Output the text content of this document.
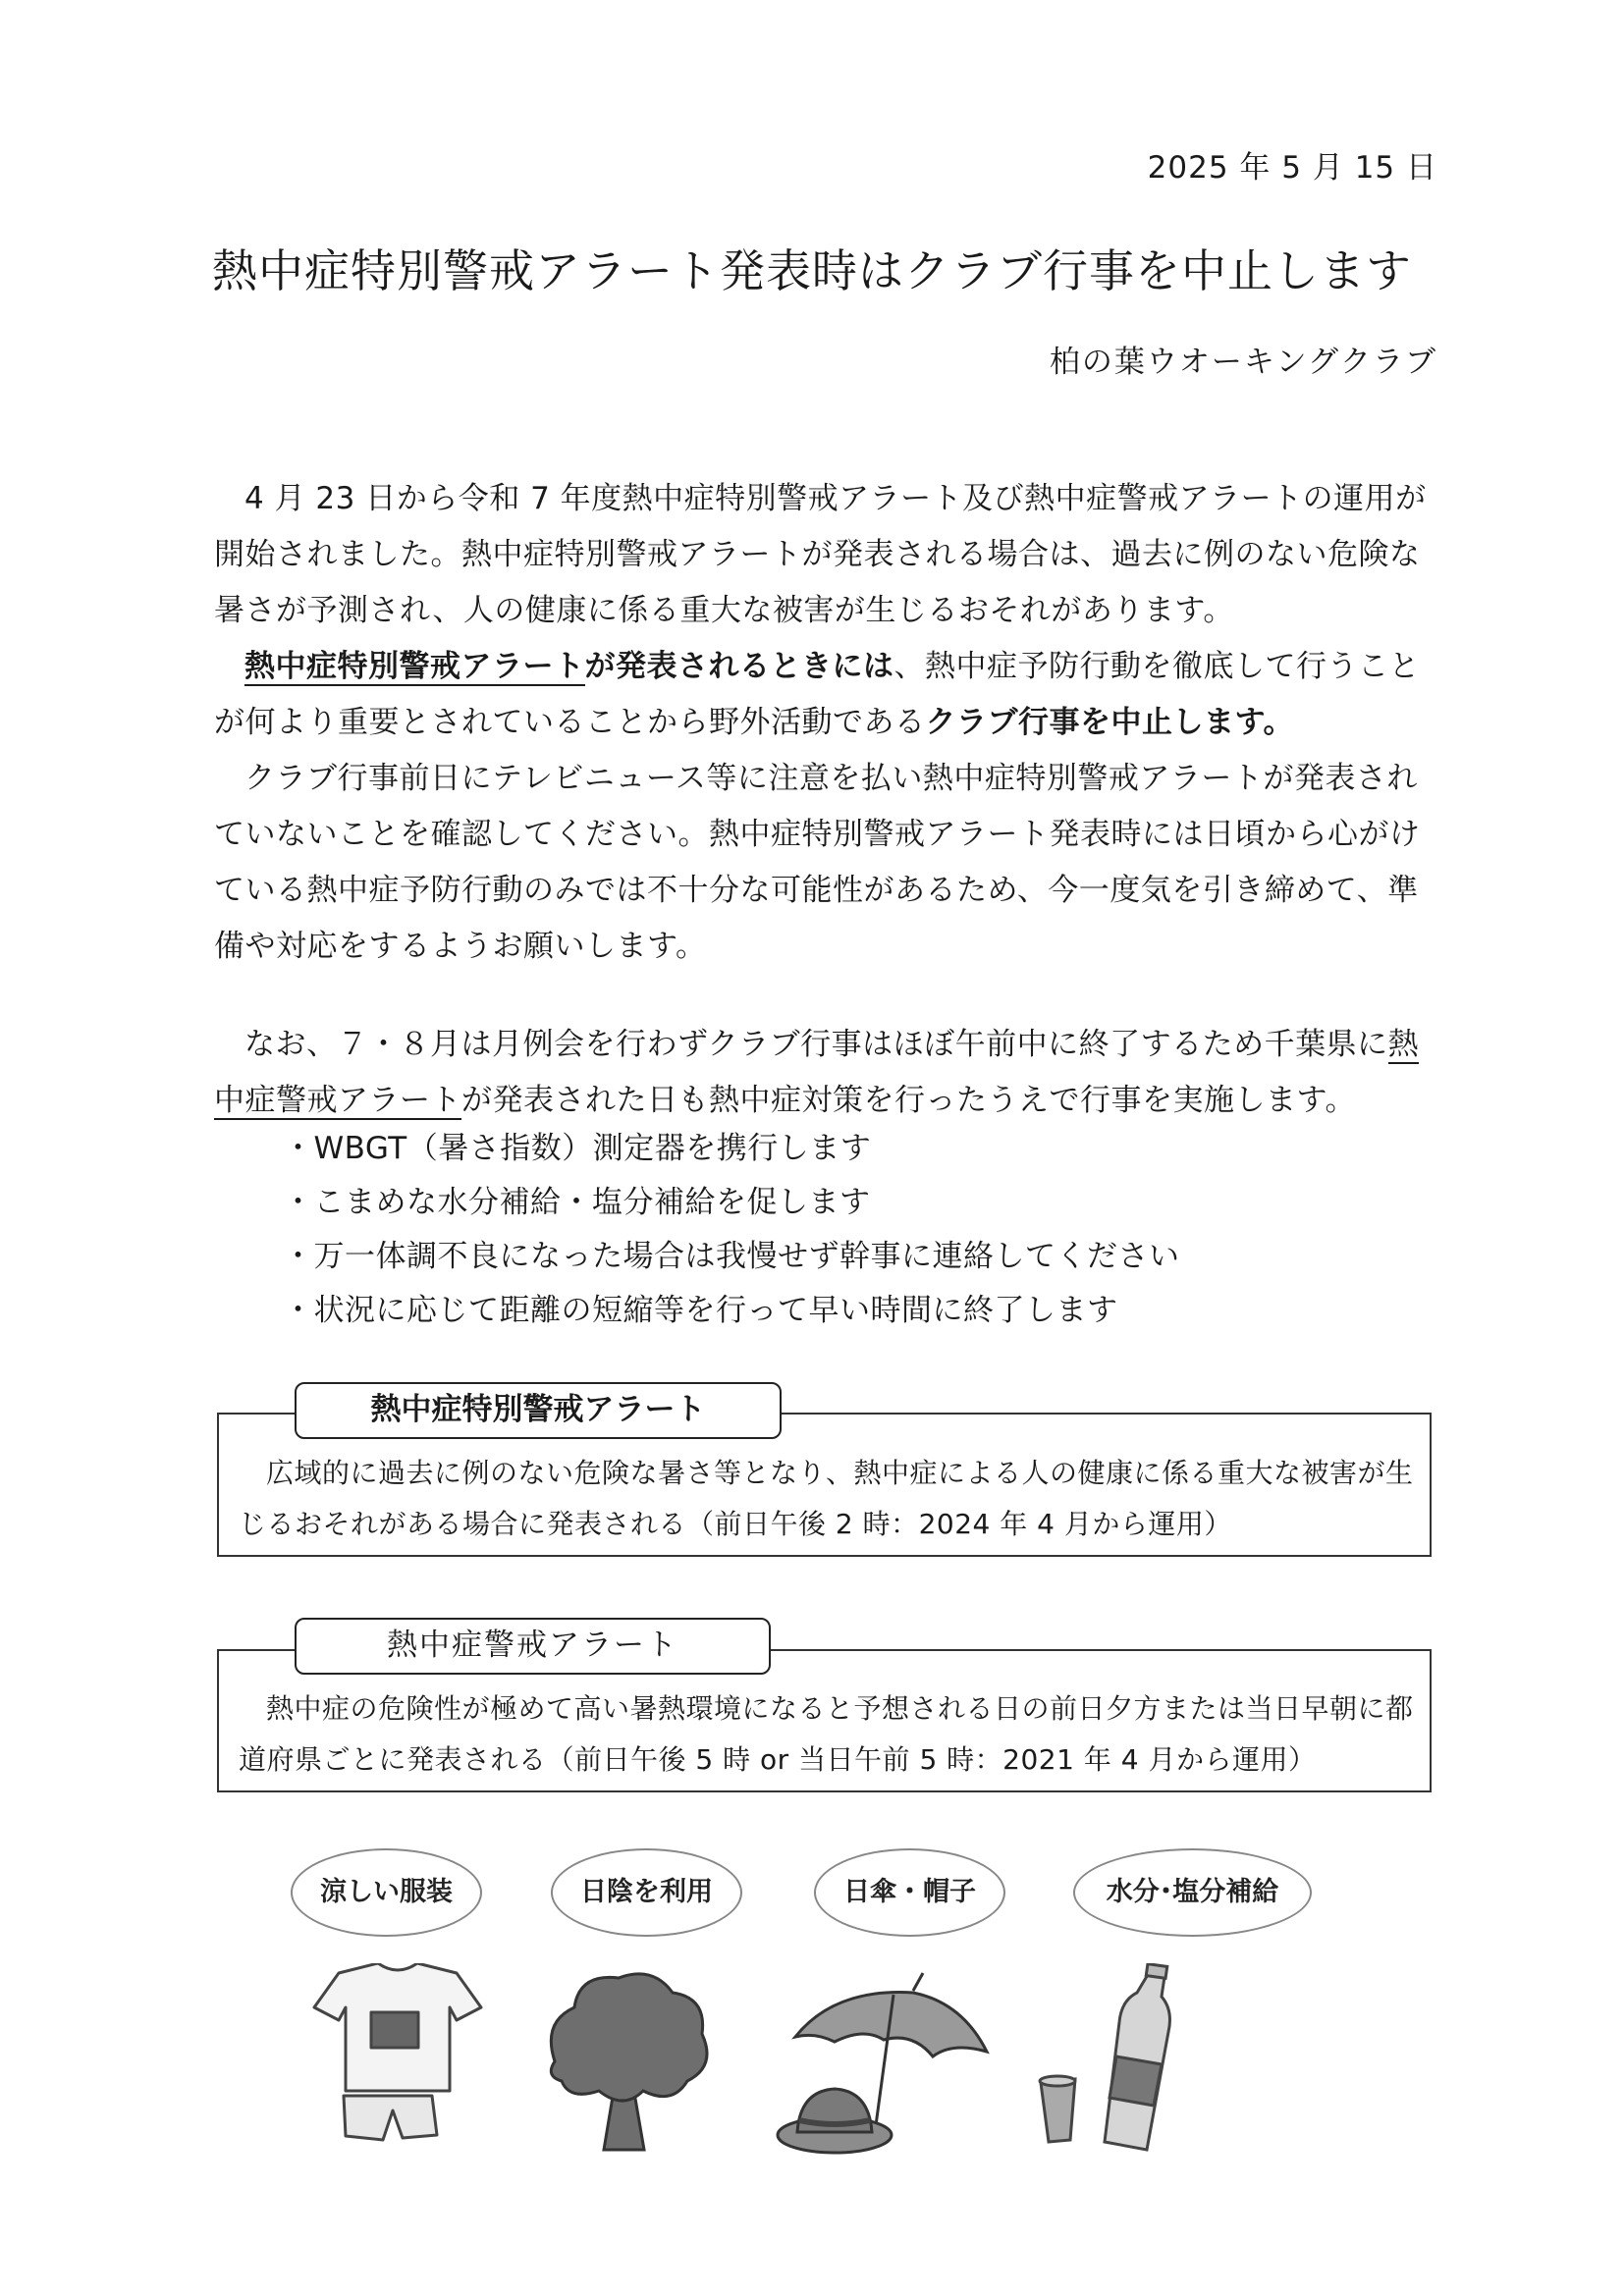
2025 年 5 月 15 日
熱中症特別警戒アラート発表時はクラブ行事を中止します
柏の葉ウオーキングクラブ

4 月 23 日から令和 7 年度熱中症特別警戒アラート及び熱中症警戒アラートの運用が開始されました。熱中症特別警戒アラートが発表される場合は、過去に例のない危険な暑さが予測され、人の健康に係る重大な被害が生じるおそれがあります。

熱中症特別警戒アラートが発表されるときには、熱中症予防行動を徹底して行うことが何より重要とされていることから野外活動であるクラブ行事を中止します。

クラブ行事前日にテレビニュース等に注意を払い熱中症特別警戒アラートが発表されていないことを確認してください。熱中症特別警戒アラート発表時には日頃から心がけている熱中症予防行動のみでは不十分な可能性があるため、今一度気を引き締めて、準備や対応をするようお願いします。

なお、７・８月は月例会を行わずクラブ行事はほぼ午前中に終了するため千葉県に熱中症警戒アラートが発表された日も熱中症対策を行ったうえで行事を実施します。

・WBGT（暑さ指数）測定器を携行します
・こまめな水分補給・塩分補給を促します
・万一体調不良になった場合は我慢せず幹事に連絡してください
・状況に応じて距離の短縮等を行って早い時間に終了します
熱中症特別警戒アラート
広域的に過去に例のない危険な暑さ等となり、熱中症による人の健康に係る重大な被害が生じるおそれがある場合に発表される（前日午後 2 時：2024 年 4 月から運用）
熱中症警戒アラート
熱中症の危険性が極めて高い暑熱環境になると予想される日の前日夕方または当日早朝に都道府県ごとに発表される（前日午後 5 時 or 当日午前 5 時：2021 年 4 月から運用）
涼しい服装	日陰を利用	日傘・帽子	水分･塩分補給
